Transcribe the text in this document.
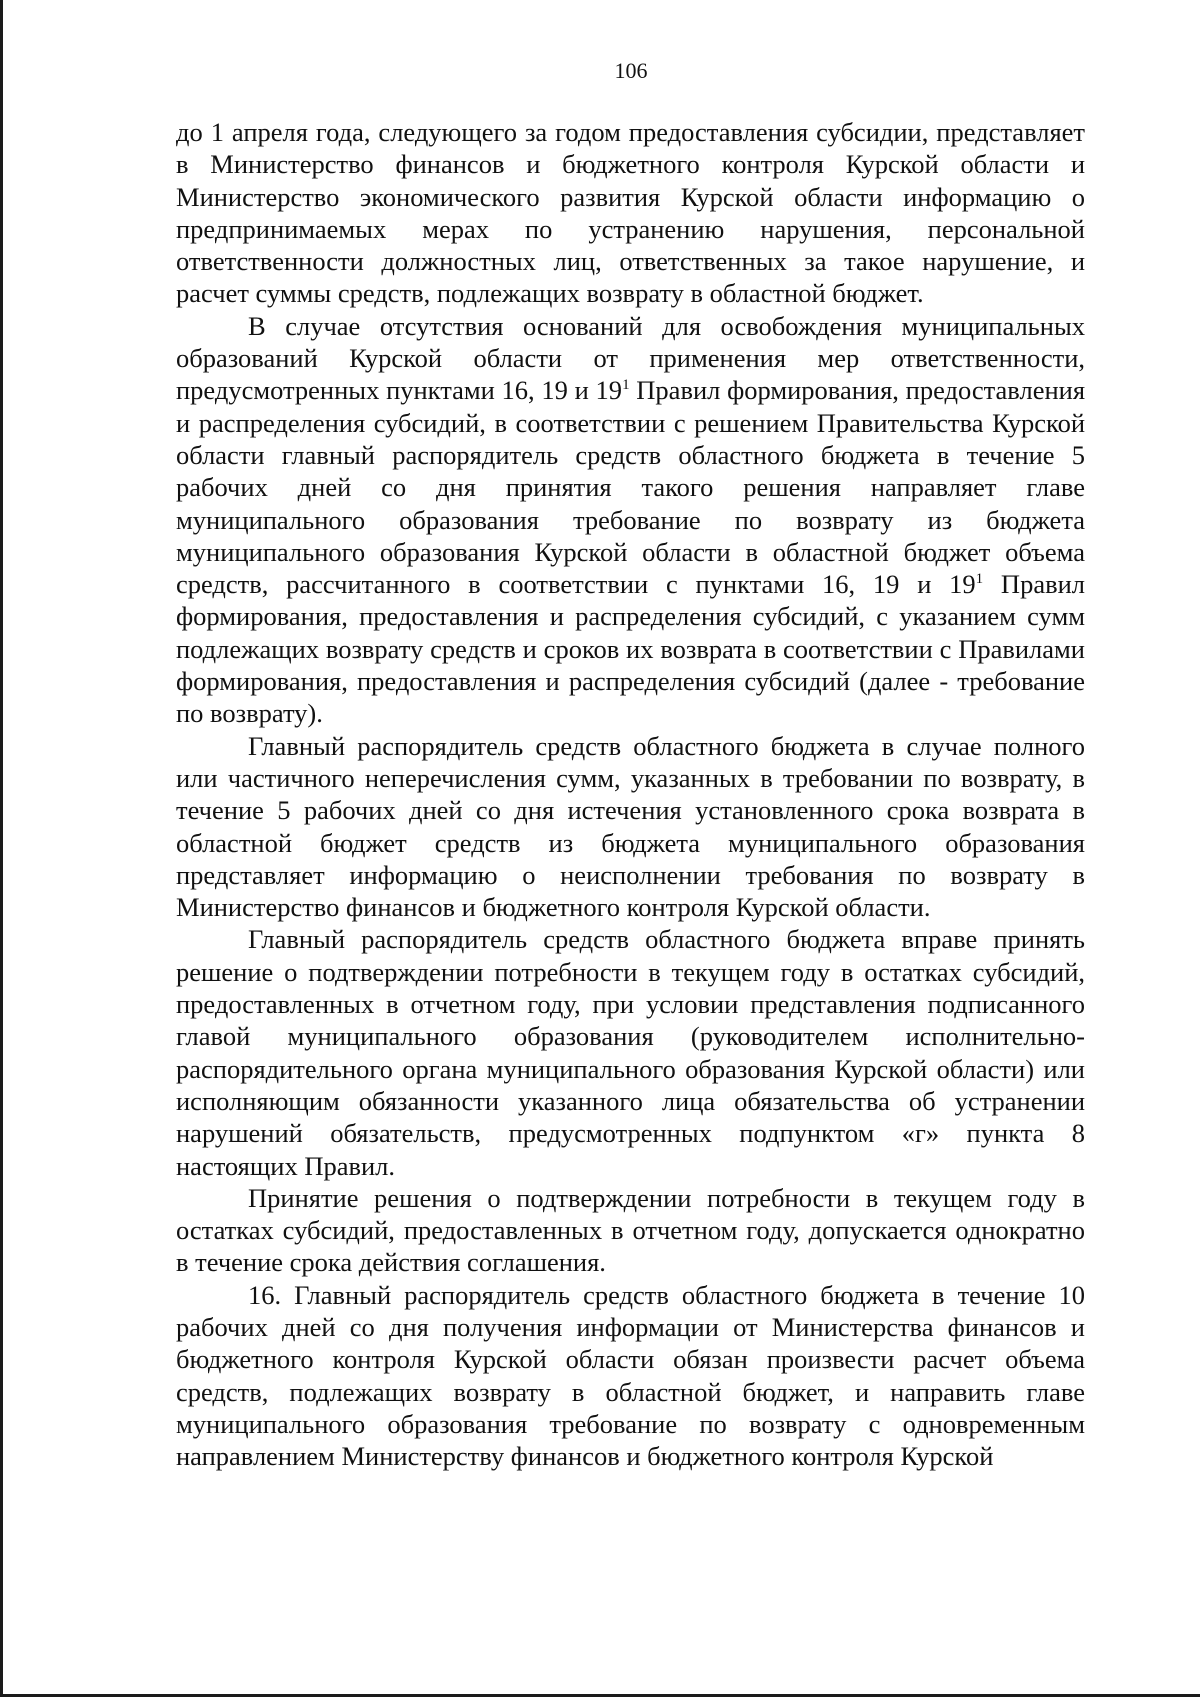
106

до 1 апреля года, следующего за годом предоставления субсидии, представляет в Министерство финансов и бюджетного контроля Курской области и Министерство экономического развития Курской области информацию о предпринимаемых мерах по устранению нарушения, персональной ответственности должностных лиц, ответственных за такое нарушение, и расчет суммы средств, подлежащих возврату в областной бюджет.

В случае отсутствия оснований для освобождения муниципальных образований Курской области от применения мер ответственности, предусмотренных пунктами 16, 19 и $19^1$ Правил формирования, предоставления и распределения субсидий, в соответствии с решением Правительства Курской области главный распорядитель средств областного бюджета в течение 5 рабочих дней со дня принятия такого решения направляет главе муниципального образования требование по возврату из бюджета муниципального образования Курской области в областной бюджет объема средств, рассчитанного в соответствии с пунктами 16, 19 и $19^1$ Правил формирования, предоставления и распределения субсидий, с указанием сумм подлежащих возврату средств и сроков их возврата в соответствии с Правилами формирования, предоставления и распределения субсидий (далее - требование по возврату).

Главный распорядитель средств областного бюджета в случае полного или частичного неперечисления сумм, указанных в требовании по возврату, в течение 5 рабочих дней со дня истечения установленного срока возврата в областной бюджет средств из бюджета муниципального образования представляет информацию о неисполнении требования по возврату в Министерство финансов и бюджетного контроля Курской области.

Главный распорядитель средств областного бюджета вправе принять решение о подтверждении потребности в текущем году в остатках субсидий, предоставленных в отчетном году, при условии представления подписанного главой муниципального образования (руководителем исполнительно-распорядительного органа муниципального образования Курской области) или исполняющим обязанности указанного лица обязательства об устранении нарушений обязательств, предусмотренных подпунктом «г» пункта 8 настоящих Правил.

Принятие решения о подтверждении потребности в текущем году в остатках субсидий, предоставленных в отчетном году, допускается однократно в течение срока действия соглашения.

16. Главный распорядитель средств областного бюджета в течение 10 рабочих дней со дня получения информации от Министерства финансов и бюджетного контроля Курской области обязан произвести расчет объема средств, подлежащих возврату в областной бюджет, и направить главе муниципального образования требование по возврату с одновременным направлением Министерству финансов и бюджетного контроля Курской
